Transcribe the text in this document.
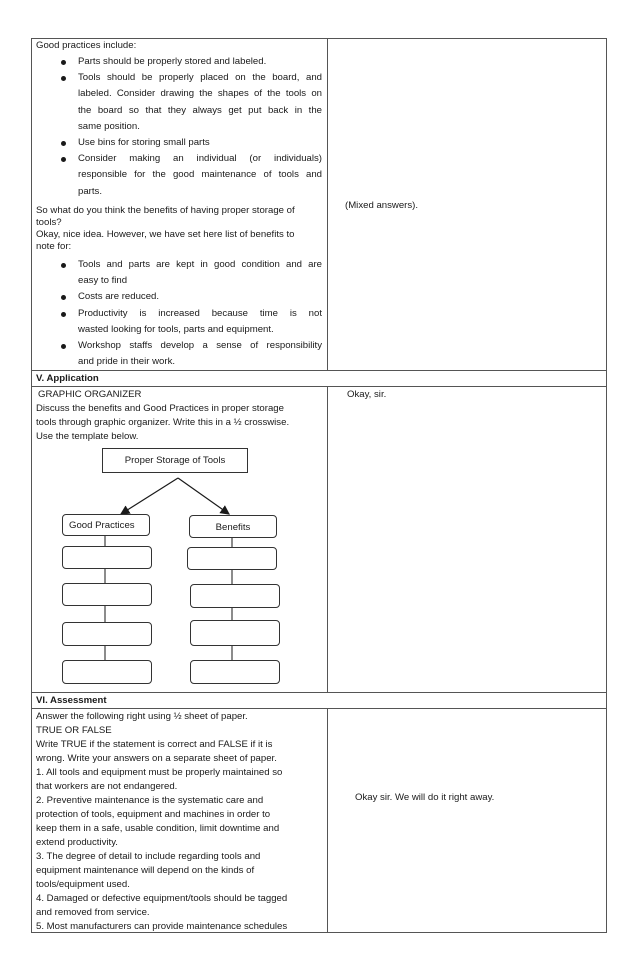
Good practices include:
Parts should be properly stored and labeled.
Tools should be properly placed on the board, and
labeled. Consider drawing the shapes of the tools on
the board so that they always get put back in the
same position.
Use bins for storing small parts
Consider making an individual (or individuals)
responsible for the good maintenance of tools and
parts.
So what do you think the benefits of having proper storage of
tools?
Okay, nice idea. However, we have set here list of benefits to
note for:
Tools and parts are kept in good condition and are
easy to find
Costs are reduced.
Productivity is increased because time is not
wasted looking for tools, parts and equipment.
Workshop staffs develop a sense of responsibility
and pride in their work.
(Mixed answers).
V. Application
GRAPHIC ORGANIZER
Discuss the benefits and Good Practices in proper storage
tools through graphic organizer. Write this in a ½ crosswise.
Use the template below.
Okay, sir.
Proper Storage of Tools
Good Practices	Benefits
VI. Assessment
Answer the following right using ½ sheet of paper.
TRUE OR FALSE
Write TRUE if the statement is correct and FALSE if it is
wrong. Write your answers on a separate sheet of paper.
1. All tools and equipment must be properly maintained so
that workers are not endangered.
2. Preventive maintenance is the systematic care and
protection of tools, equipment and machines in order to
keep them in a safe, usable condition, limit downtime and
extend productivity.
3. The degree of detail to include regarding tools and
equipment maintenance will depend on the kinds of
tools/equipment used.
4. Damaged or defective equipment/tools should be tagged
and removed from service.
5. Most manufacturers can provide maintenance schedules
Okay sir. We will do it right away.
